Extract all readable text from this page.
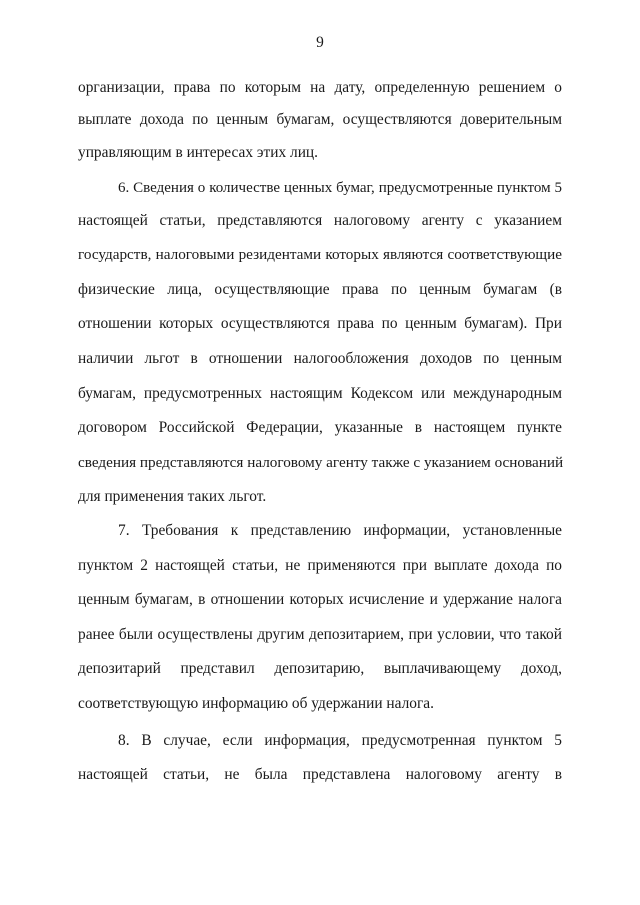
9
организации, права по которым на дату, определенную решением о
выплате дохода по ценным бумагам, осуществляются доверительным
управляющим в интересах этих лиц.
6. Сведения о количестве ценных бумаг, предусмотренные пунктом 5
настоящей статьи, представляются налоговому агенту с указанием
государств, налоговыми резидентами которых являются соответствующие
физические лица, осуществляющие права по ценным бумагам (в
отношении которых осуществляются права по ценным бумагам). При
наличии льгот в отношении налогообложения доходов по ценным
бумагам, предусмотренных настоящим Кодексом или международным
договором Российской Федерации, указанные в настоящем пункте
сведения представляются налоговому агенту также с указанием оснований
для применения таких льгот.
7. Требования к представлению информации, установленные
пунктом 2 настоящей статьи, не применяются при выплате дохода по
ценным бумагам, в отношении которых исчисление и удержание налога
ранее были осуществлены другим депозитарием, при условии, что такой
депозитарий представил депозитарию, выплачивающему доход,
соответствующую информацию об удержании налога.
8. В случае, если информация, предусмотренная пунктом 5
настоящей статьи, не была представлена налоговому агенту в
